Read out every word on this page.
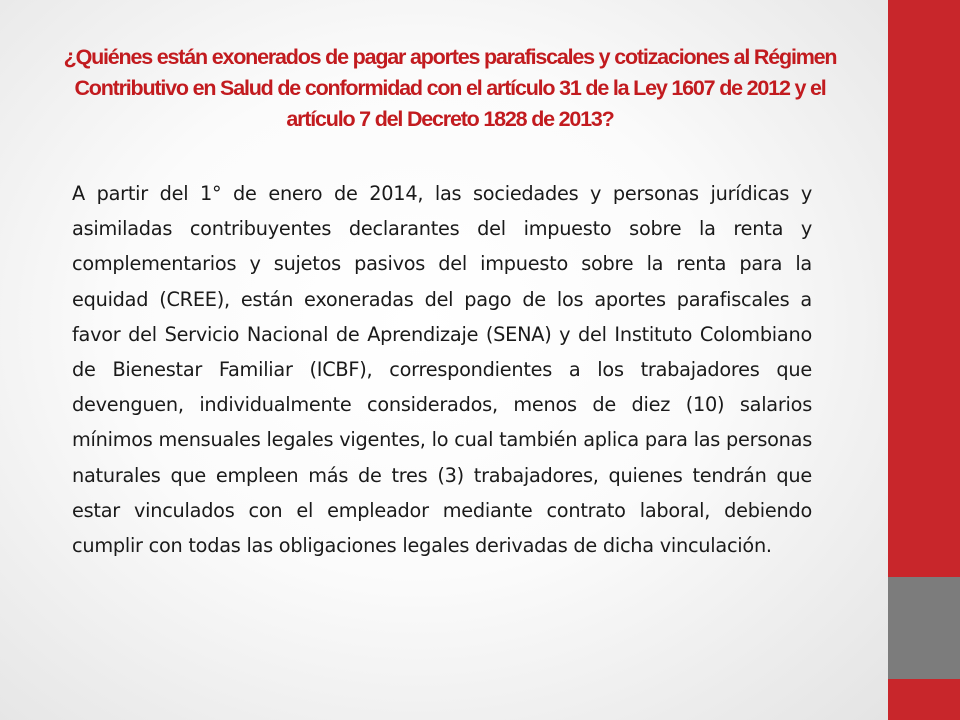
¿Quiénes están exonerados de pagar aportes parafiscales y cotizaciones al Régimen Contributivo en Salud de conformidad con el artículo 31 de la Ley 1607 de 2012 y el artículo 7 del Decreto 1828 de 2013?

A partir del 1° de enero de 2014, las sociedades y personas jurídicas y asimiladas contribuyentes declarantes del impuesto sobre la renta y complementarios y sujetos pasivos del impuesto sobre la renta para la equidad (CREE), están exoneradas del pago de los aportes parafiscales a favor del Servicio Nacional de Aprendizaje (SENA) y del Instituto Colombiano de Bienestar Familiar (ICBF), correspondientes a los trabajadores que devenguen, individualmente considerados, menos de diez (10) salarios mínimos mensuales legales vigentes, lo cual también aplica para las personas naturales que empleen más de tres (3) trabajadores, quienes tendrán que estar vinculados con el empleador mediante contrato laboral, debiendo cumplir con todas las obligaciones legales derivadas de dicha vinculación.
